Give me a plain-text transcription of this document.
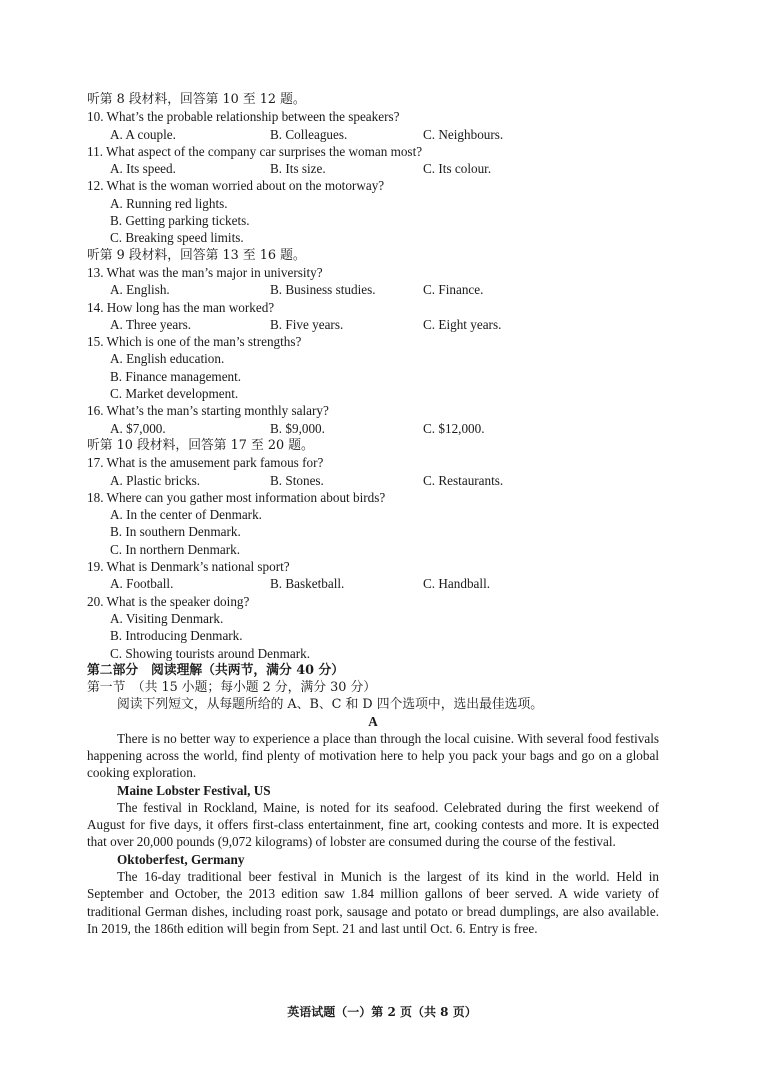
听第 8 段材料，回答第 10 至 12 题。
10. What’s the probable relationship between the speakers?
A. A couple.	B. Colleagues.	C. Neighbours.
11. What aspect of the company car surprises the woman most?
A. Its speed.	B. Its size.	C. Its colour.
12. What is the woman worried about on the motorway?
A. Running red lights.
B. Getting parking tickets.
C. Breaking speed limits.
听第 9 段材料，回答第 13 至 16 题。
13. What was the man’s major in university?
A. English.	B. Business studies.	C. Finance.
14. How long has the man worked?
A. Three years.	B. Five years.	C. Eight years.
15. Which is one of the man’s strengths?
A. English education.
B. Finance management.
C. Market development.
16. What’s the man’s starting monthly salary?
A. $7,000.	B. $9,000.	C. $12,000.
听第 10 段材料，回答第 17 至 20 题。
17. What is the amusement park famous for?
A. Plastic bricks.	B. Stones.	C. Restaurants.
18. Where can you gather most information about birds?
A. In the center of Denmark.
B. In southern Denmark.
C. In northern Denmark.
19. What is Denmark’s national sport?
A. Football.	B. Basketball.	C. Handball.
20. What is the speaker doing?
A. Visiting Denmark.
B. Introducing Denmark.
C. Showing tourists around Denmark.
第二部分　阅读理解（共两节，满分 40 分）
第一节　（共 15 小题；每小题 2 分，满分 30 分）
阅读下列短文，从每题所给的 A、B、C 和 D 四个选项中，选出最佳选项。
A

There is no better way to experience a place than through the local cuisine. With several food festivals happening across the world, find plenty of motivation here to help you pack your bags and go on a global cooking exploration.

Maine Lobster Festival, US

The festival in Rockland, Maine, is noted for its seafood. Celebrated during the first weekend of August for five days, it offers first-class entertainment, fine art, cooking contests and more. It is expected that over 20,000 pounds (9,072 kilograms) of lobster are consumed during the course of the festival.

Oktoberfest, Germany

The 16-day traditional beer festival in Munich is the largest of its kind in the world. Held in September and October, the 2013 edition saw 1.84 million gallons of beer served. A wide variety of traditional German dishes, including roast pork, sausage and potato or bread dumplings, are also available. In 2019, the 186th edition will begin from Sept. 21 and last until Oct. 6. Entry is free.

英语试题（一）第 2 页（共 8 页）
